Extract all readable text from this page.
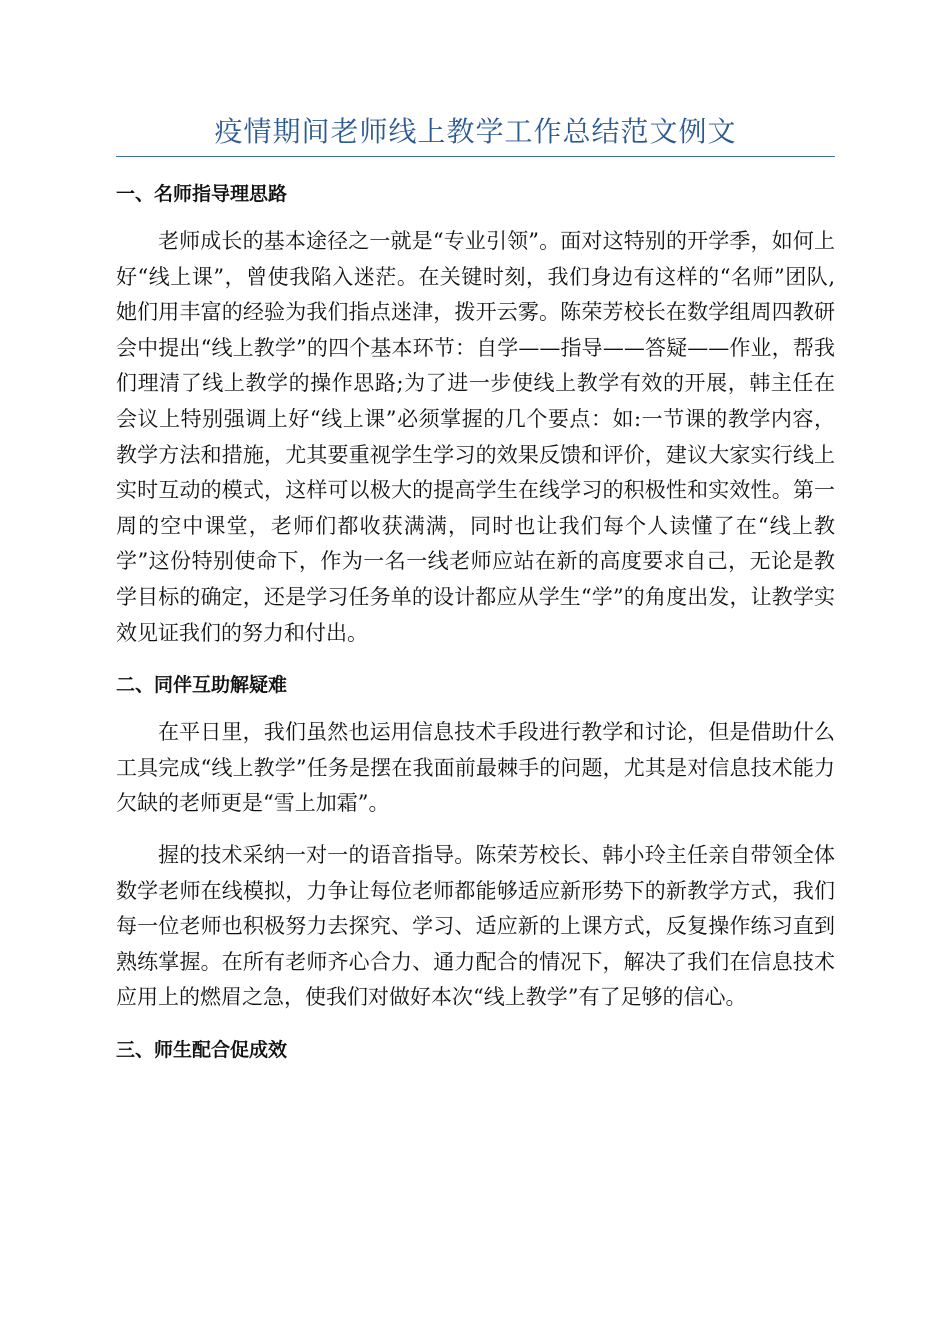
疫情期间老师线上教学工作总结范文例文
一、名师指导理思路

老师成长的基本途径之一就是“专业引领”。面对这特别的开学季，如何上好“线上课”，曾使我陷入迷茫。在关键时刻，我们身边有这样的“名师”团队,她们用丰富的经验为我们指点迷津，拨开云雾。陈荣芳校长在数学组周四教研会中提出“线上教学”的四个基本环节：自学——指导——答疑——作业，帮我们理清了线上教学的操作思路;为了进一步使线上教学有效的开展，韩主任在会议上特别强调上好“线上课”必须掌握的几个要点：如:一节课的教学内容，教学方法和措施，尤其要重视学生学习的效果反馈和评价，建议大家实行线上实时互动的模式，这样可以极大的提高学生在线学习的积极性和实效性。第一周的空中课堂，老师们都收获满满，同时也让我们每个人读懂了在“线上教学”这份特别使命下，作为一名一线老师应站在新的高度要求自己，无论是教学目标的确定，还是学习任务单的设计都应从学生“学”的角度出发，让教学实效见证我们的努力和付出。

二、同伴互助解疑难

在平日里，我们虽然也运用信息技术手段进行教学和讨论，但是借助什么工具完成“线上教学”任务是摆在我面前最棘手的问题，尤其是对信息技术能力欠缺的老师更是“雪上加霜”。

握的技术采纳一对一的语音指导。陈荣芳校长、韩小玲主任亲自带领全体数学老师在线模拟，力争让每位老师都能够适应新形势下的新教学方式，我们每一位老师也积极努力去探究、学习、适应新的上课方式，反复操作练习直到熟练掌握。在所有老师齐心合力、通力配合的情况下，解决了我们在信息技术应用上的燃眉之急，使我们对做好本次“线上教学”有了足够的信心。

三、师生配合促成效
